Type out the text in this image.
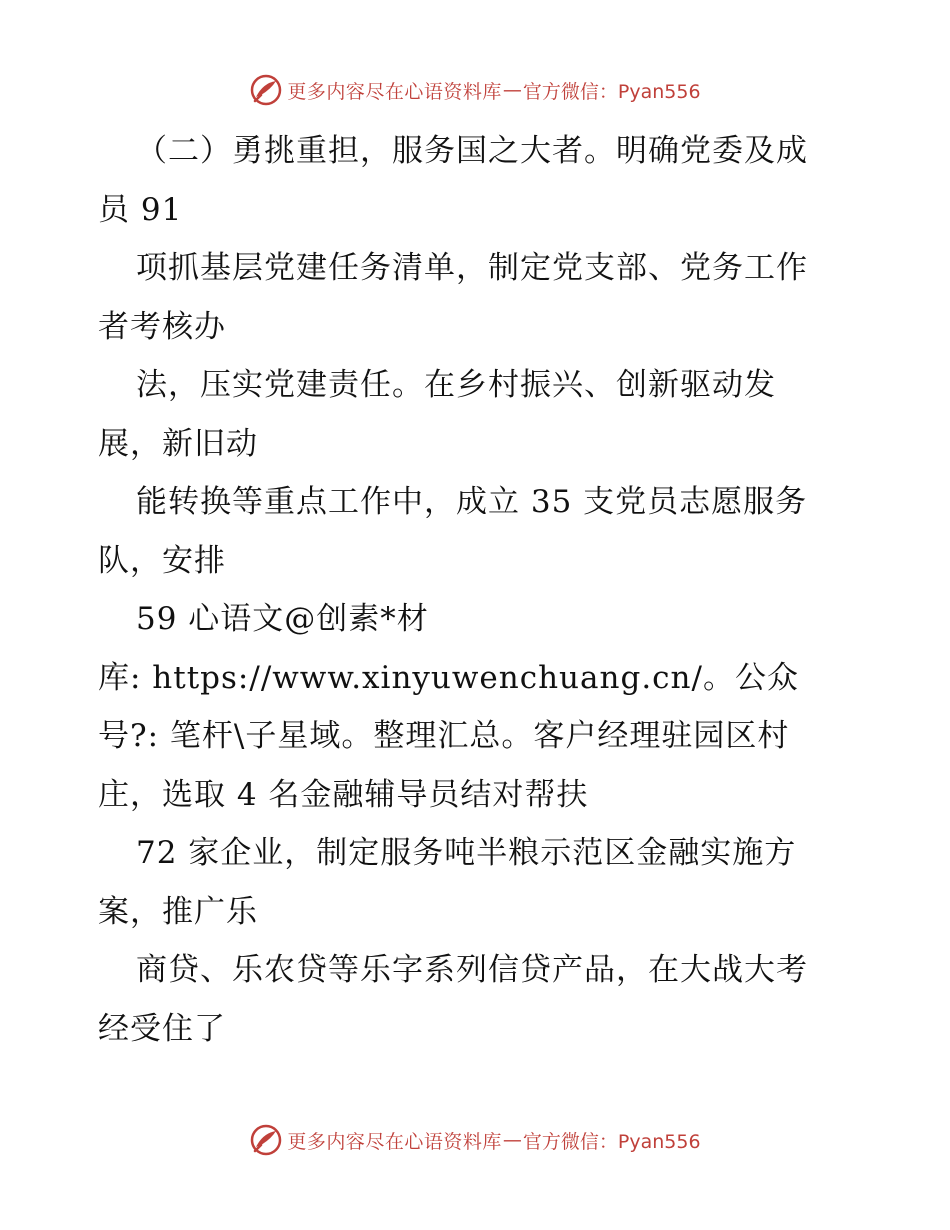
更多内容尽在心语资料库 — 官方微信：Pyan556
（二）勇挑重担，服务国之大者。明确党委及成
员 91
项抓基层党建任务清单，制定党支部、党务工作
者考核办
法，压实党建责任。在乡村振兴、创新驱动发
展，新旧动
能转换等重点工作中，成立 35 支党员志愿服务
队，安排
59 心语文@创素*材
库: https://www.xinyuwenchuang.cn/。公众
号?: 笔杆\子星域。整理汇总。客户经理驻园区村
庄，选取 4 名金融辅导员结对帮扶
72 家企业，制定服务吨半粮示范区金融实施方
案，推广乐
商贷、乐农贷等乐字系列信贷产品，在大战大考
经受住了
更多内容尽在心语资料库 — 官方微信：Pyan556
